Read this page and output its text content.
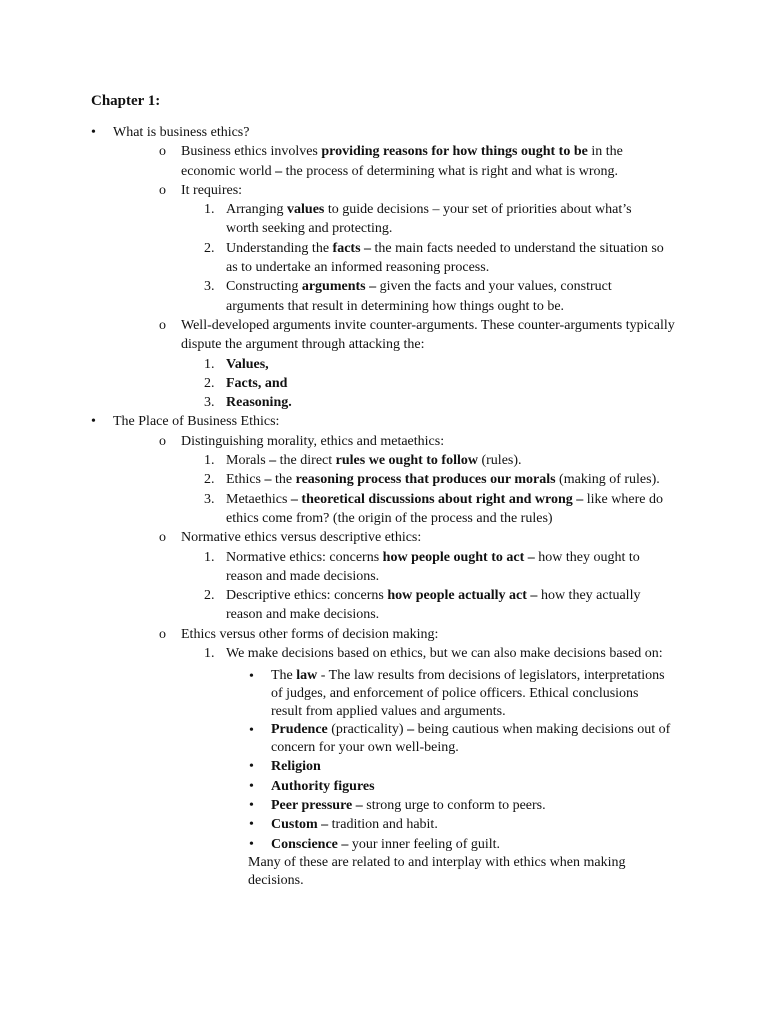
Chapter 1:
• What is business ethics?
o Business ethics involves providing reasons for how things ought to be in the economic world – the process of determining what is right and what is wrong.
o It requires:
1. Arranging values to guide decisions – your set of priorities about what’s worth seeking and protecting.
2. Understanding the facts – the main facts needed to understand the situation so as to undertake an informed reasoning process.
3. Constructing arguments – given the facts and your values, construct arguments that result in determining how things ought to be.
o Well-developed arguments invite counter-arguments. These counter-arguments typically dispute the argument through attacking the:
1. Values,
2. Facts, and
3. Reasoning.
• The Place of Business Ethics:
o Distinguishing morality, ethics and metaethics:
1. Morals – the direct rules we ought to follow (rules).
2. Ethics – the reasoning process that produces our morals (making of rules).
3. Metaethics – theoretical discussions about right and wrong – like where do ethics come from? (the origin of the process and the rules)
o Normative ethics versus descriptive ethics:
1. Normative ethics: concerns how people ought to act – how they ought to reason and made decisions.
2. Descriptive ethics: concerns how people actually act – how they actually reason and make decisions.
o Ethics versus other forms of decision making:
1. We make decisions based on ethics, but we can also make decisions based on:
• The law - The law results from decisions of legislators, interpretations of judges, and enforcement of police officers. Ethical conclusions result from applied values and arguments.
• Prudence (practicality) – being cautious when making decisions out of concern for your own well-being.
• Religion
• Authority figures
• Peer pressure – strong urge to conform to peers.
• Custom – tradition and habit.
• Conscience – your inner feeling of guilt.
Many of these are related to and interplay with ethics when making decisions.
